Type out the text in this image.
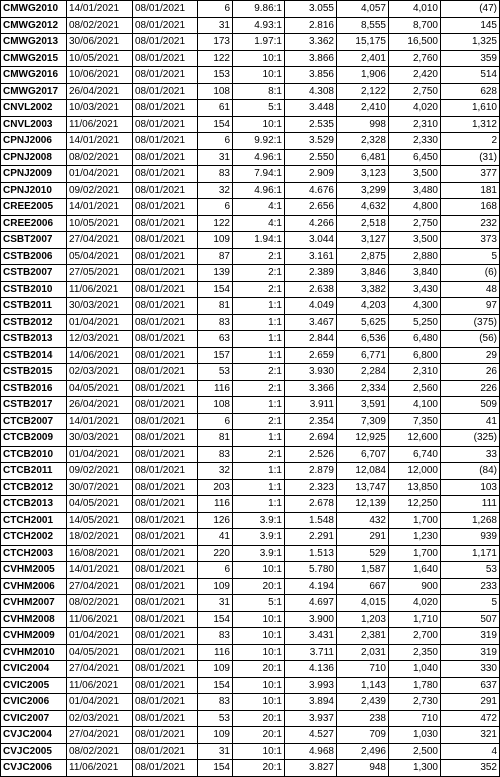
CMWG2010	14/01/2021	08/01/2021	6	9.86:1	3.055	4,057	4,010	(47)
CMWG2012	08/02/2021	08/01/2021	31	4.93:1	2.816	8,555	8,700	145
CMWG2013	30/06/2021	08/01/2021	173	1.97:1	3.362	15,175	16,500	1,325
CMWG2015	10/05/2021	08/01/2021	122	10:1	3.866	2,401	2,760	359
CMWG2016	10/06/2021	08/01/2021	153	10:1	3.856	1,906	2,420	514
CMWG2017	26/04/2021	08/01/2021	108	8:1	4.308	2,122	2,750	628
CNVL2002	10/03/2021	08/01/2021	61	5:1	3.448	2,410	4,020	1,610
CNVL2003	11/06/2021	08/01/2021	154	10:1	2.535	998	2,310	1,312
CPNJ2006	14/01/2021	08/01/2021	6	9.92:1	3.529	2,328	2,330	2
CPNJ2008	08/02/2021	08/01/2021	31	4.96:1	2.550	6,481	6,450	(31)
CPNJ2009	01/04/2021	08/01/2021	83	7.94:1	2.909	3,123	3,500	377
CPNJ2010	09/02/2021	08/01/2021	32	4.96:1	4.676	3,299	3,480	181
CREE2005	14/01/2021	08/01/2021	6	4:1	2.656	4,632	4,800	168
CREE2006	10/05/2021	08/01/2021	122	4:1	4.266	2,518	2,750	232
CSBT2007	27/04/2021	08/01/2021	109	1.94:1	3.044	3,127	3,500	373
CSTB2006	05/04/2021	08/01/2021	87	2:1	3.161	2,875	2,880	5
CSTB2007	27/05/2021	08/01/2021	139	2:1	2.389	3,846	3,840	(6)
CSTB2010	11/06/2021	08/01/2021	154	2:1	2.638	3,382	3,430	48
CSTB2011	30/03/2021	08/01/2021	81	1:1	4.049	4,203	4,300	97
CSTB2012	01/04/2021	08/01/2021	83	1:1	3.467	5,625	5,250	(375)
CSTB2013	12/03/2021	08/01/2021	63	1:1	2.844	6,536	6,480	(56)
CSTB2014	14/06/2021	08/01/2021	157	1:1	2.659	6,771	6,800	29
CSTB2015	02/03/2021	08/01/2021	53	2:1	3.930	2,284	2,310	26
CSTB2016	04/05/2021	08/01/2021	116	2:1	3.366	2,334	2,560	226
CSTB2017	26/04/2021	08/01/2021	108	1:1	3.911	3,591	4,100	509
CTCB2007	14/01/2021	08/01/2021	6	2:1	2.354	7,309	7,350	41
CTCB2009	30/03/2021	08/01/2021	81	1:1	2.694	12,925	12,600	(325)
CTCB2010	01/04/2021	08/01/2021	83	2:1	2.526	6,707	6,740	33
CTCB2011	09/02/2021	08/01/2021	32	1:1	2.879	12,084	12,000	(84)
CTCB2012	30/07/2021	08/01/2021	203	1:1	2.323	13,747	13,850	103
CTCB2013	04/05/2021	08/01/2021	116	1:1	2.678	12,139	12,250	111
CTCH2001	14/05/2021	08/01/2021	126	3.9:1	1.548	432	1,700	1,268
CTCH2002	18/02/2021	08/01/2021	41	3.9:1	2.291	291	1,230	939
CTCH2003	16/08/2021	08/01/2021	220	3.9:1	1.513	529	1,700	1,171
CVHM2005	14/01/2021	08/01/2021	6	10:1	5.780	1,587	1,640	53
CVHM2006	27/04/2021	08/01/2021	109	20:1	4.194	667	900	233
CVHM2007	08/02/2021	08/01/2021	31	5:1	4.697	4,015	4,020	5
CVHM2008	11/06/2021	08/01/2021	154	10:1	3.900	1,203	1,710	507
CVHM2009	01/04/2021	08/01/2021	83	10:1	3.431	2,381	2,700	319
CVHM2010	04/05/2021	08/01/2021	116	10:1	3.711	2,031	2,350	319
CVIC2004	27/04/2021	08/01/2021	109	20:1	4.136	710	1,040	330
CVIC2005	11/06/2021	08/01/2021	154	10:1	3.993	1,143	1,780	637
CVIC2006	01/04/2021	08/01/2021	83	10:1	3.894	2,439	2,730	291
CVIC2007	02/03/2021	08/01/2021	53	20:1	3.937	238	710	472
CVJC2004	27/04/2021	08/01/2021	109	20:1	4.527	709	1,030	321
CVJC2005	08/02/2021	08/01/2021	31	10:1	4.968	2,496	2,500	4
CVJC2006	11/06/2021	08/01/2021	154	20:1	3.827	948	1,300	352
